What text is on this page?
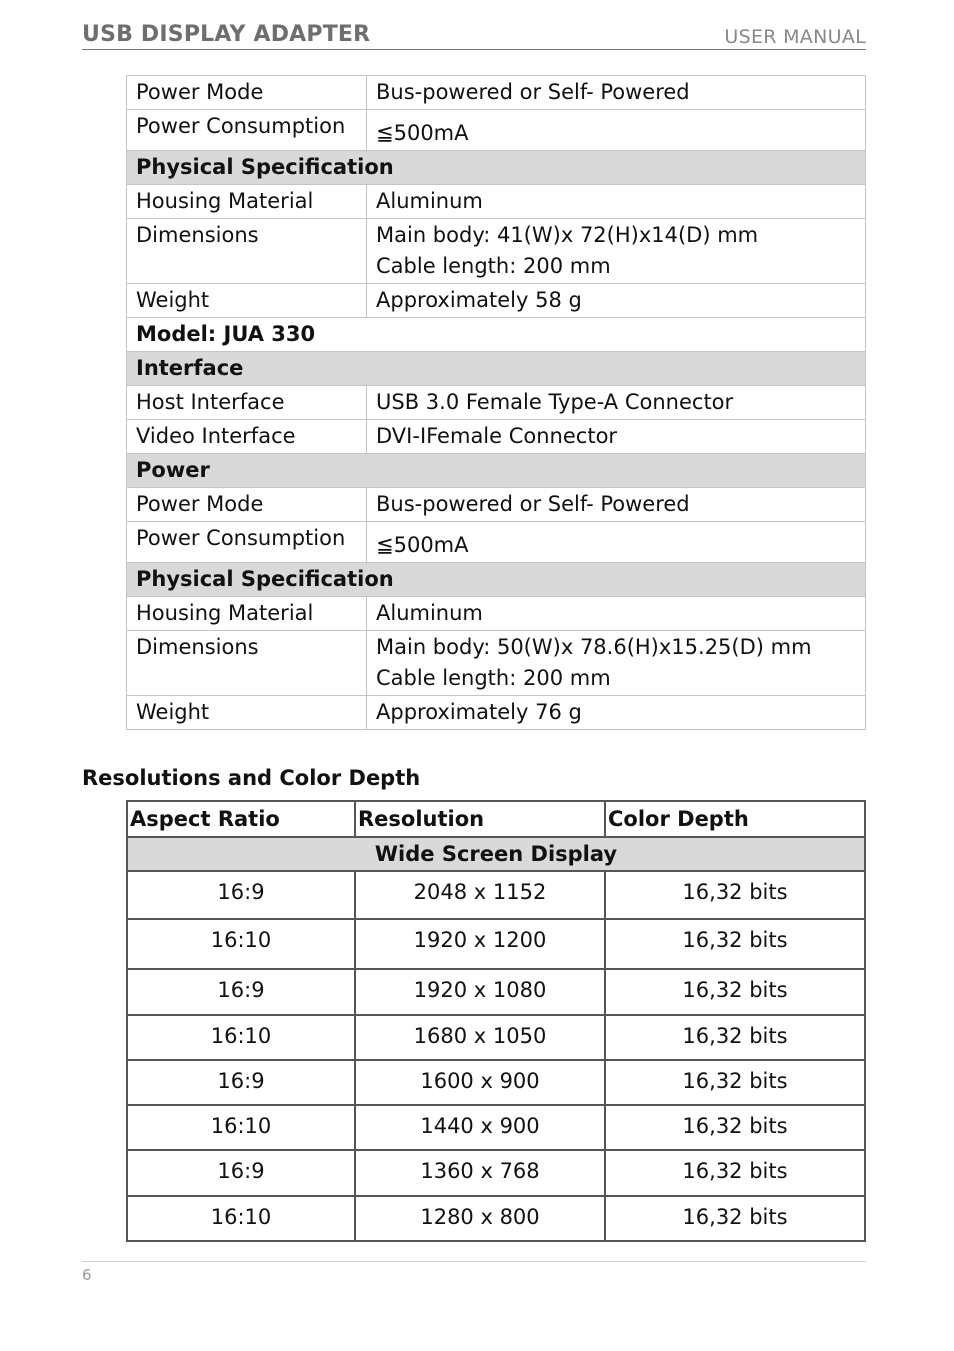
USB DISPLAY ADAPTER	USER MANUAL
Power Mode	Bus-powered or Self- Powered

Power Consumption	≦500mA

Physical Specification	
Housing Material	Aluminum

Dimensions	Main body: 41(W)x 72(H)x14(D) mm
Cable length: 200 mm

Weight	Approximately 58 g

Model: JUA 330	
Interface	
Host Interface	USB 3.0 Female Type-A Connector

Video Interface	DVI-IFemale Connector

Power	
Power Mode	Bus-powered or Self- Powered

Power Consumption	≦500mA

Physical Specification	
Housing Material	Aluminum

Dimensions	Main body: 50(W)x 78.6(H)x15.25(D) mm
Cable length: 200 mm

Weight	Approximately 76 g
Resolutions and Color Depth
Aspect Ratio	Resolution	Color Depth
Wide Screen Display		
16:9	2048 x 1152	16,32 bits
16:10	1920 x 1200	16,32 bits
16:9	1920 x 1080	16,32 bits
16:10	1680 x 1050	16,32 bits
16:9	1600 x 900	16,32 bits
16:10	1440 x 900	16,32 bits
16:9	1360 x 768	16,32 bits
16:10	1280 x 800	16,32 bits
6
